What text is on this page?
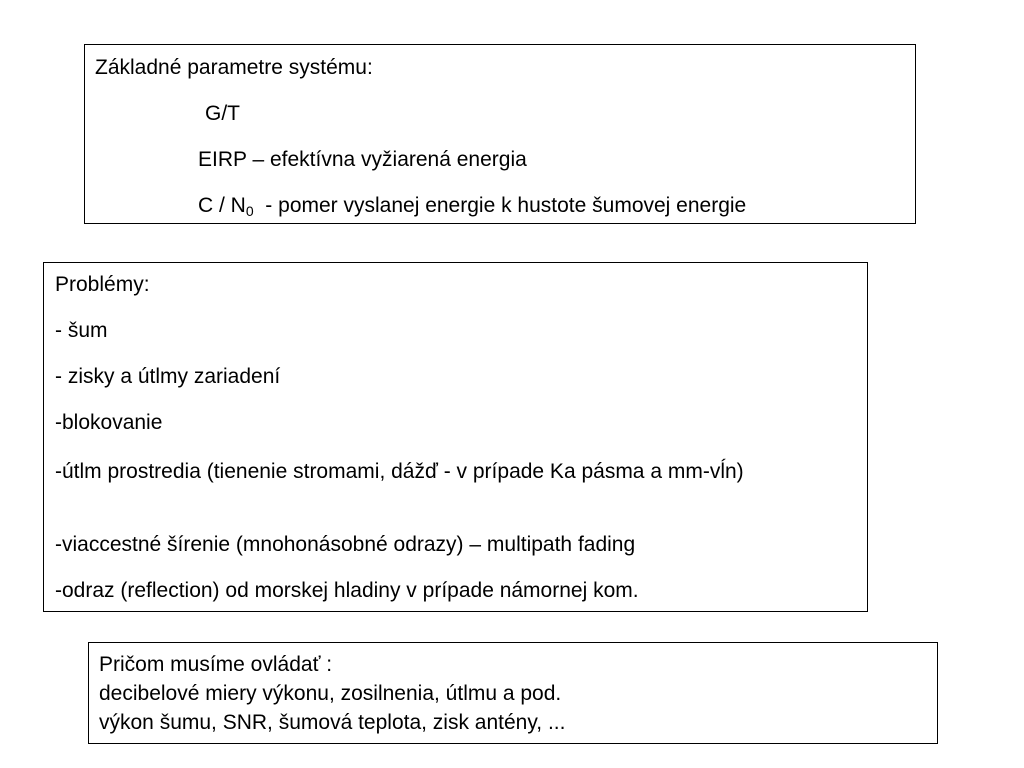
Základné parametre systému:
G/T
EIRP – efektívna vyžiarená energia
C / $N_0$  - pomer vyslanej energie k hustote šumovej energie
Problémy:
- šum
- zisky a útlmy zariadení
-blokovanie
-útlm prostredia (tienenie stromami, dážď - v prípade Ka pásma a mm-vĺn)
-viaccestné šírenie (mnohonásobné odrazy) – multipath fading
-odraz (reflection) od morskej hladiny v prípade námornej kom.
Pričom musíme ovládať :
decibelové miery výkonu, zosilnenia, útlmu a pod.
výkon šumu, SNR, šumová teplota, zisk antény, ...
